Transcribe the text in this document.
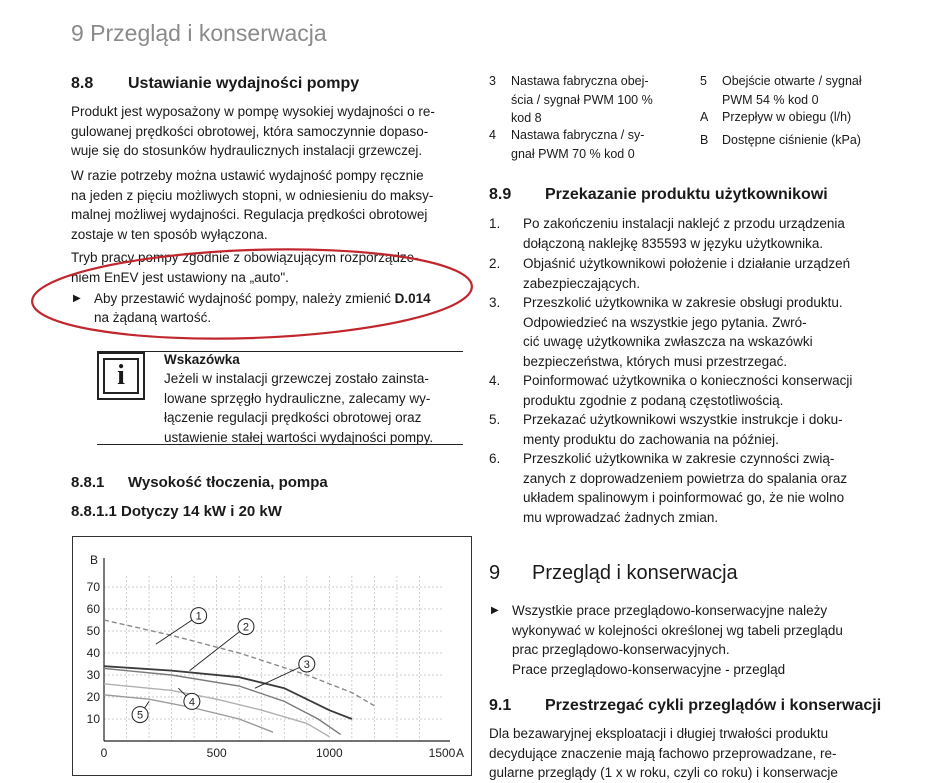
9 Przegląd i konserwacja
8.8 Ustawianie wydajności pompy
Produkt jest wyposażony w pompę wysokiej wydajności o re-
gulowanej prędkości obrotowej, która samoczynnie dopaso-
wuje się do stosunków hydraulicznych instalacji grzewczej.
W razie potrzeby można ustawić wydajność pompy ręcznie
na jeden z pięciu możliwych stopni, w odniesieniu do maksy-
malnej możliwej wydajności. Regulacja prędkości obrotowej
zostaje w ten sposób wyłączona.
Tryb pracy pompy zgodnie z obowiązującym rozporządze-
niem EnEV jest ustawiony na „auto".
▶ Aby przestawić wydajność pompy, należy zmienić D.014
na żądaną wartość.
i
Wskazówka
Jeżeli w instalacji grzewczej zostało zainsta-
lowane sprzęgło hydrauliczne, zalecamy wy-
łączenie regulacji prędkości obrotowej oraz
ustawienie stałej wartości wydajności pompy.
8.8.1 Wysokość tłoczenia, pompa
8.8.1.1 Dotyczy 14 kW i 20 kW
0	500	1000	1500
10
20
30
40
50
60
70
A
B
1
2
3
4
5
3 Nastawa fabryczna obej-
ścia / sygnał PWM 100 %
kod 8
4 Nastawa fabryczna / sy-
gnał PWM 70 % kod 0
5 Obejście otwarte / sygnał
PWM 54 % kod 0
A Przepływ w obiegu (l/h)
B Dostępne ciśnienie (kPa)
8.9 Przekazanie produktu użytkownikowi
1. Po zakończeniu instalacji naklejć z przodu urządzenia
dołączoną naklejkę 835593 w języku użytkownika.
2. Objaśnić użytkownikowi położenie i działanie urządzeń
zabezpieczających.
3. Przeszkolić użytkownika w zakresie obsługi produktu.
Odpowiedzieć na wszystkie jego pytania. Zwró-
cić uwagę użytkownika zwłaszcza na wskazówki
bezpieczeństwa, których musi przestrzegać.
4. Poinformować użytkownika o konieczności konserwacji
produktu zgodnie z podaną częstotliwością.
5. Przekazać użytkownikowi wszystkie instrukcje i doku-
menty produktu do zachowania na później.
6. Przeszkolić użytkownika w zakresie czynności zwią-
zanych z doprowadzeniem powietrza do spalania oraz
układem spalinowym i poinformować go, że nie wolno
mu wprowadzać żadnych zmian.
9 Przegląd i konserwacja
▶ Wszystkie prace przeglądowo-konserwacyjne należy
wykonywać w kolejności określonej wg tabeli przeglądu
prac przeglądowo-konserwacyjnych.
Prace przeglądowo-konserwacyjne - przegląd
9.1 Przestrzegać cykli przeglądów i konserwacji
Dla bezawaryjnej eksploatacji i długiej trwałości produktu
decydujące znaczenie mają fachowo przeprowadzane, re-
gularne przeglądy (1 x w roku, czyli co roku) i konserwacje
